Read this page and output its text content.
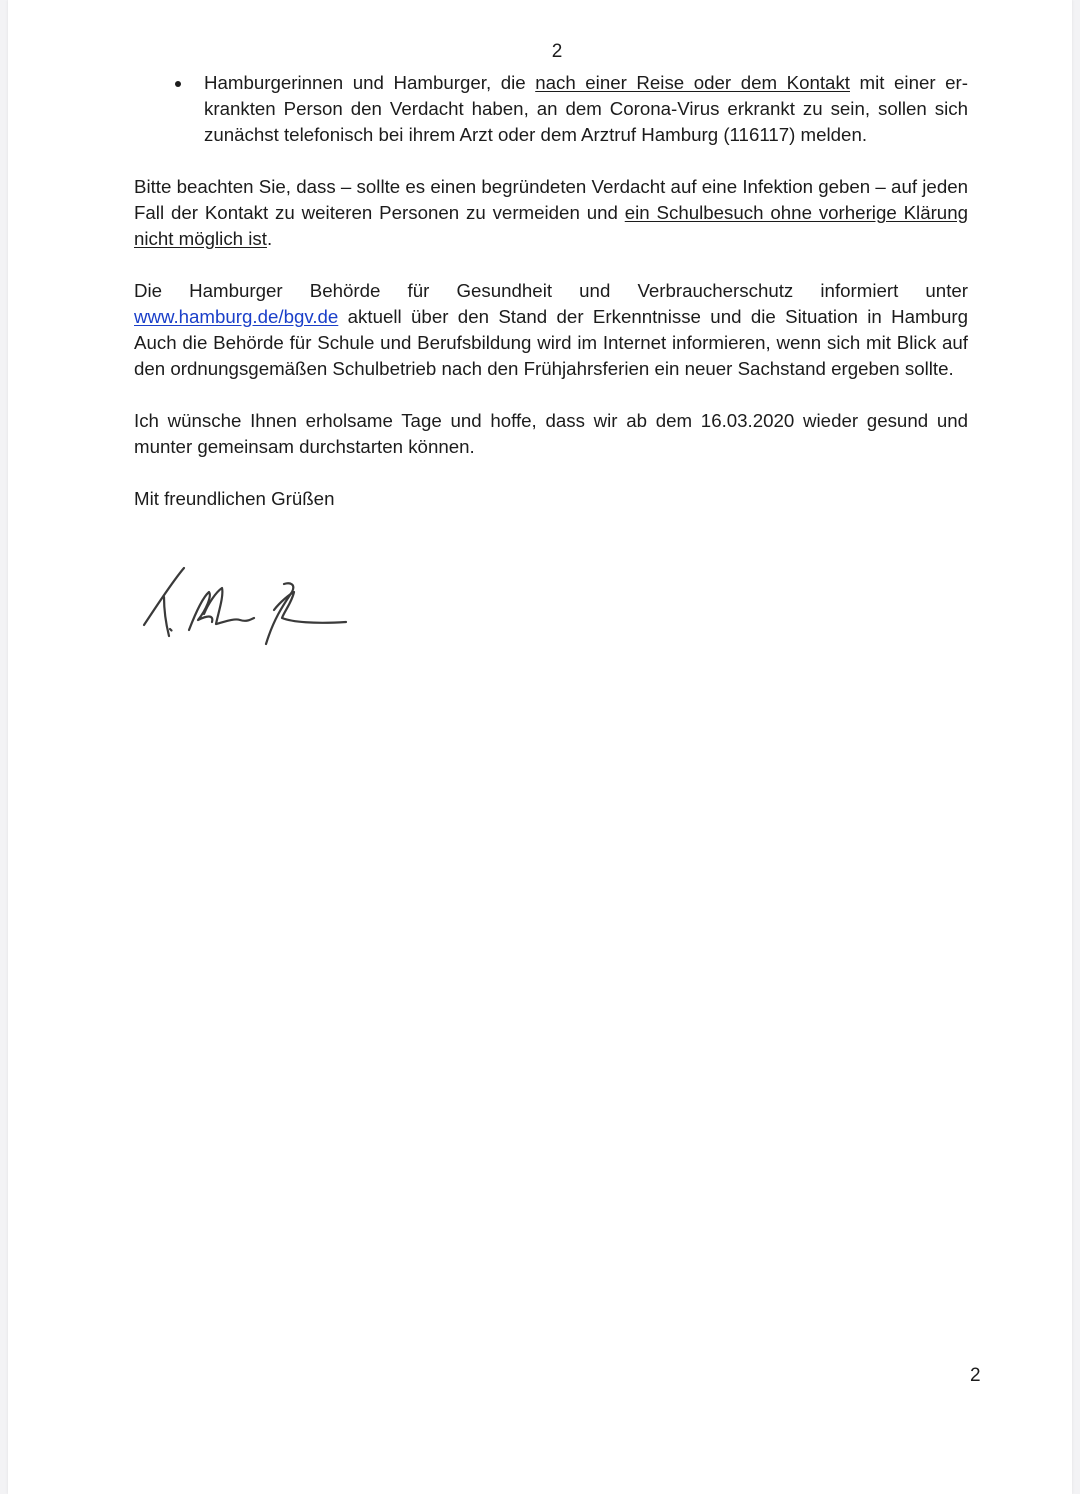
2
Hamburgerinnen und Hamburger, die nach einer Reise oder dem Kontakt mit einer erkrankten Person den Verdacht haben, an dem Corona-Virus erkrankt zu sein, sollen sich zunächst telefonisch bei ihrem Arzt oder dem Arztruf Hamburg (116117) melden.

Bitte beachten Sie, dass – sollte es einen begründeten Verdacht auf eine Infektion geben – auf jeden Fall der Kontakt zu weiteren Personen zu vermeiden und ein Schulbesuch ohne vorherige Klärung nicht möglich ist.

Die Hamburger Behörde für Gesundheit und Verbraucherschutz informiert unter www.hamburg.de/bgv.de aktuell über den Stand der Erkenntnisse und die Situation in Hamburg Auch die Behörde für Schule und Berufsbildung wird im Internet informieren, wenn sich mit Blick auf den ordnungsgemäßen Schulbetrieb nach den Frühjahrsferien ein neuer Sachstand ergeben sollte.

Ich wünsche Ihnen erholsame Tage und hoffe, dass wir ab dem 16.03.2020 wieder gesund und munter gemeinsam durchstarten können.

Mit freundlichen Grüßen

2
